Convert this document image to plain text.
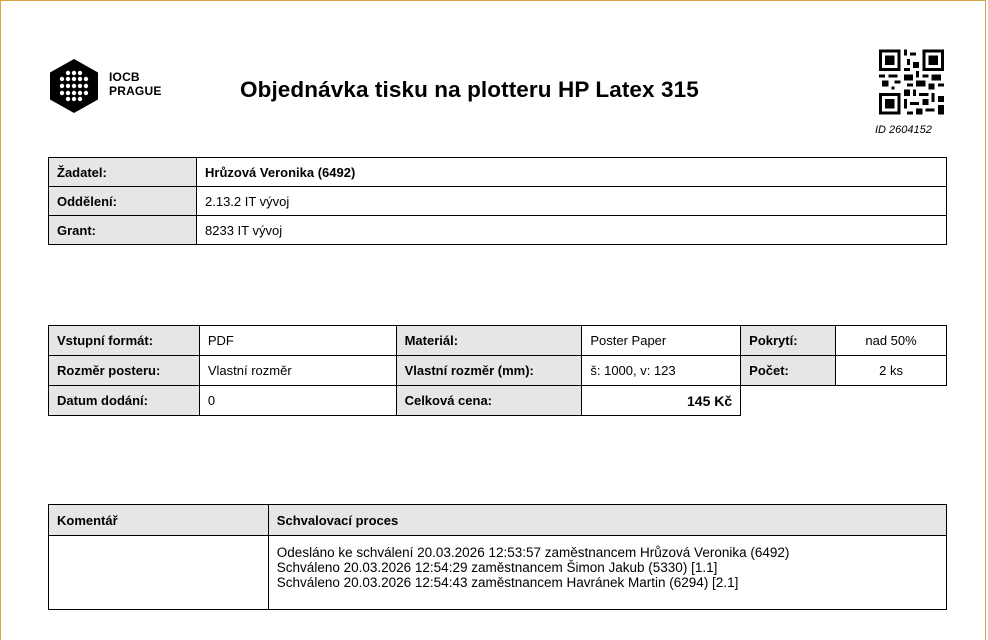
IOCB
PRAGUE	Objednávka tisku na plotteru HP Latex 315
ID 2604152
Žadatel:	Hrůzová Veronika (6492)
Oddělení:	2.13.2 IT vývoj
Grant:	8233 IT vývoj
Vstupní formát:	PDF	Materiál:	Poster Paper	Pokrytí:	nad 50%
Rozměr posteru:	Vlastní rozměr	Vlastní rozměr (mm):	š: 1000, v: 123	Počet:	2 ks
Datum dodání:	0	Celková cena:	145 Kč		
Komentář	Schvalovací proces

	Odesláno ke schválení 20.03.2026 12:53:57 zaměstnancem Hrůzová Veronika (6492)
Schváleno 20.03.2026 12:54:29 zaměstnancem Šimon Jakub (5330) [1.1]
Schváleno 20.03.2026 12:54:43 zaměstnancem Havránek Martin (6294) [2.1]
